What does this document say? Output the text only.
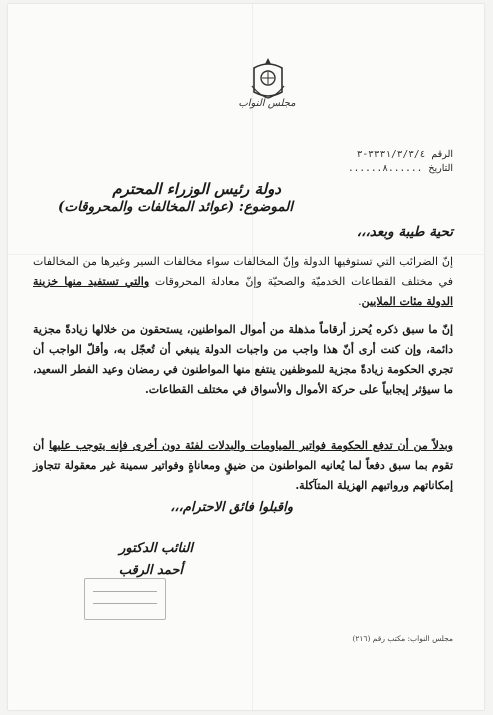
مجلس النواب
الرقم
٣٣٣١/٣/٣/٤-٣
التاريخ
......٨......
دولة رئيس الوزراء المحترم
الموضوع: (عوائد المخالفات والمحروقات)
تحية طيبة وبعد،،،
إنّ الضرائب التي تستوفيها الدولة وإنّ المخالفات سواء مخالفات السير وغيرها من المخالفات في مختلف القطاعات الخدميّة والصحيّة وإنّ معادلة المحروقات والتي تستفيد منها خزينة الدولة مئات الملايين.
إنّ ما سبق ذكره يُحرز أرقاماً مذهلة من أموال المواطنين، يستحقون من خلالها زيادةً مجزية دائمة، وإن كنت أرى أنّ هذا واجب من واجبات الدولة ينبغي أن تُعجّل به، وأقلّ الواجب أن تجري الحكومة زيادةً مجزية للموظفين ينتفع منها المواطنون في رمضان وعيد الفطر السعيد، ما سيؤثر إيجابياً على حركة الأموال والأسواق في مختلف القطاعات.
وبدلاً من أن تدفع الحكومة فواتير المياومات والبدلات لفئة دون أخرى فإنه يتوجب عليها أن تقوم بما سبق دفعاً لما يُعانيه المواطنون من ضيقٍ ومعاناةٍ وفواتير سمينة غير معقولة تتجاوز إمكاناتهم ورواتبهم الهزيلة المتآكلة.
واقبلوا فائق الاحترام،،،
النائب الدكتور
أحمد الرقب
مجلس النواب: مكتب رقم (٢١٦)
